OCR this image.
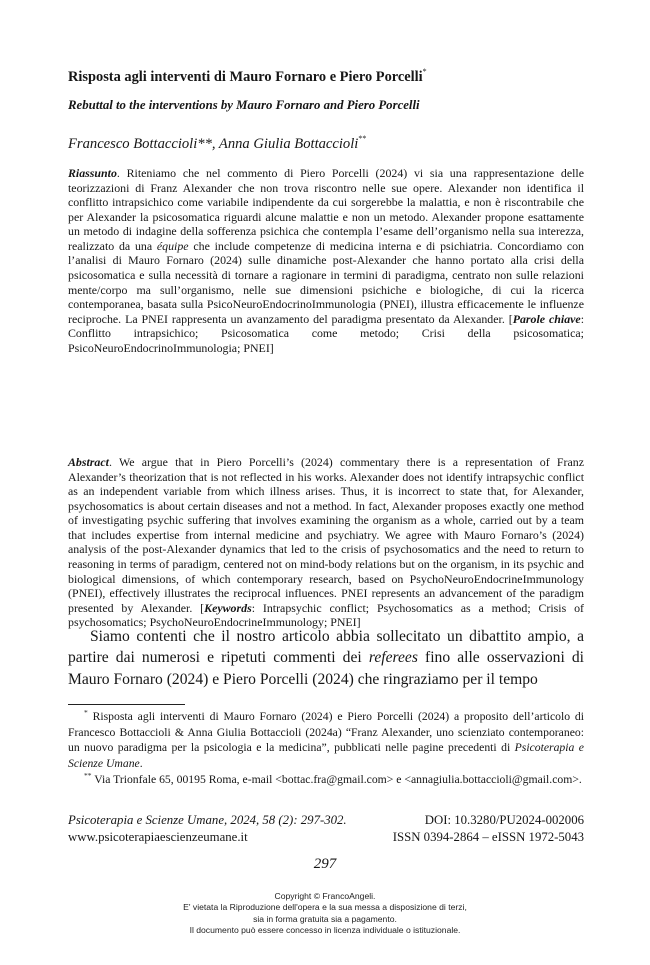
Risposta agli interventi di Mauro Fornaro e Piero Porcelli*
Rebuttal to the interventions by Mauro Fornaro and Piero Porcelli
Francesco Bottaccioli**, Anna Giulia Bottaccioli**
Riassunto. Riteniamo che nel commento di Piero Porcelli (2024) vi sia una rappresentazione delle teorizzazioni di Franz Alexander che non trova riscontro nelle sue opere. Alexander non identifica il conflitto intrapsichico come variabile indipendente da cui sorgerebbe la malattia, e non è riscontrabile che per Alexander la psicosomatica riguardi alcune malattie e non un metodo. Alexander propone esattamente un metodo di indagine della sofferenza psichica che contempla l’esame dell’organismo nella sua interezza, realizzato da una équipe che include competenze di medicina interna e di psichiatria. Concordiamo con l’analisi di Mauro Fornaro (2024) sulle dinamiche post-Alexander che hanno portato alla crisi della psicosomatica e sulla necessità di tornare a ragionare in termini di paradigma, centrato non sulle relazioni mente/corpo ma sull’organismo, nelle sue dimensioni psichiche e biologiche, di cui la ricerca contemporanea, basata sulla PsicoNeuroEndocrinoImmunologia (PNEI), illustra efficacemente le influenze reciproche. La PNEI rappresenta un avanzamento del paradigma presentato da Alexander. [Parole chiave: Conflitto intrapsichico; Psicosomatica come metodo; Crisi della psicosomatica; PsicoNeuroEndocrinoImmunologia; PNEI]
Abstract. We argue that in Piero Porcelli’s (2024) commentary there is a representation of Franz Alexander’s theorization that is not reflected in his works. Alexander does not identify intrapsychic conflict as an independent variable from which illness arises. Thus, it is incorrect to state that, for Alexander, psychosomatics is about certain diseases and not a method. In fact, Alexander proposes exactly one method of investigating psychic suffering that involves examining the organism as a whole, carried out by a team that includes expertise from internal medicine and psychiatry. We agree with Mauro Fornaro’s (2024) analysis of the post-Alexander dynamics that led to the crisis of psychosomatics and the need to return to reasoning in terms of paradigm, centered not on mind-body relations but on the organism, in its psychic and biological dimensions, of which contemporary research, based on PsychoNeuroEndocrineImmunology (PNEI), effectively illustrates the reciprocal influences. PNEI represents an advancement of the paradigm presented by Alexander. [Keywords: Intrapsychic conflict; Psychosomatics as a method; Crisis of psychosomatics; PsychoNeuroEndocrineImmunology; PNEI]
Siamo contenti che il nostro articolo abbia sollecitato un dibattito ampio, a partire dai numerosi e ripetuti commenti dei referees fino alle osservazioni di Mauro Fornaro (2024) e Piero Porcelli (2024) che ringraziamo per il tempo

* Risposta agli interventi di Mauro Fornaro (2024) e Piero Porcelli (2024) a proposito dell’articolo di Francesco Bottaccioli & Anna Giulia Bottaccioli (2024a) “Franz Alexander, uno scienziato contemporaneo: un nuovo paradigma per la psicologia e la medicina”, pubblicati nelle pagine precedenti di Psicoterapia e Scienze Umane.

** Via Trionfale 65, 00195 Roma, e-mail <bottac.fra@gmail.com> e <annagiulia.bottaccioli@gmail.com>.

Psicoterapia e Scienze Umane, 2024, 58 (2): 297-302.	DOI: 10.3280/PU2024-002006
www.psicoterapiaescienzeumane.it	ISSN 0394-2864 – eISSN 1972-5043
297
Copyright © FrancoAngeli.
E' vietata la Riproduzione dell'opera e la sua messa a disposizione di terzi,
sia in forma gratuita sia a pagamento.
Il documento può essere concesso in licenza individuale o istituzionale.
